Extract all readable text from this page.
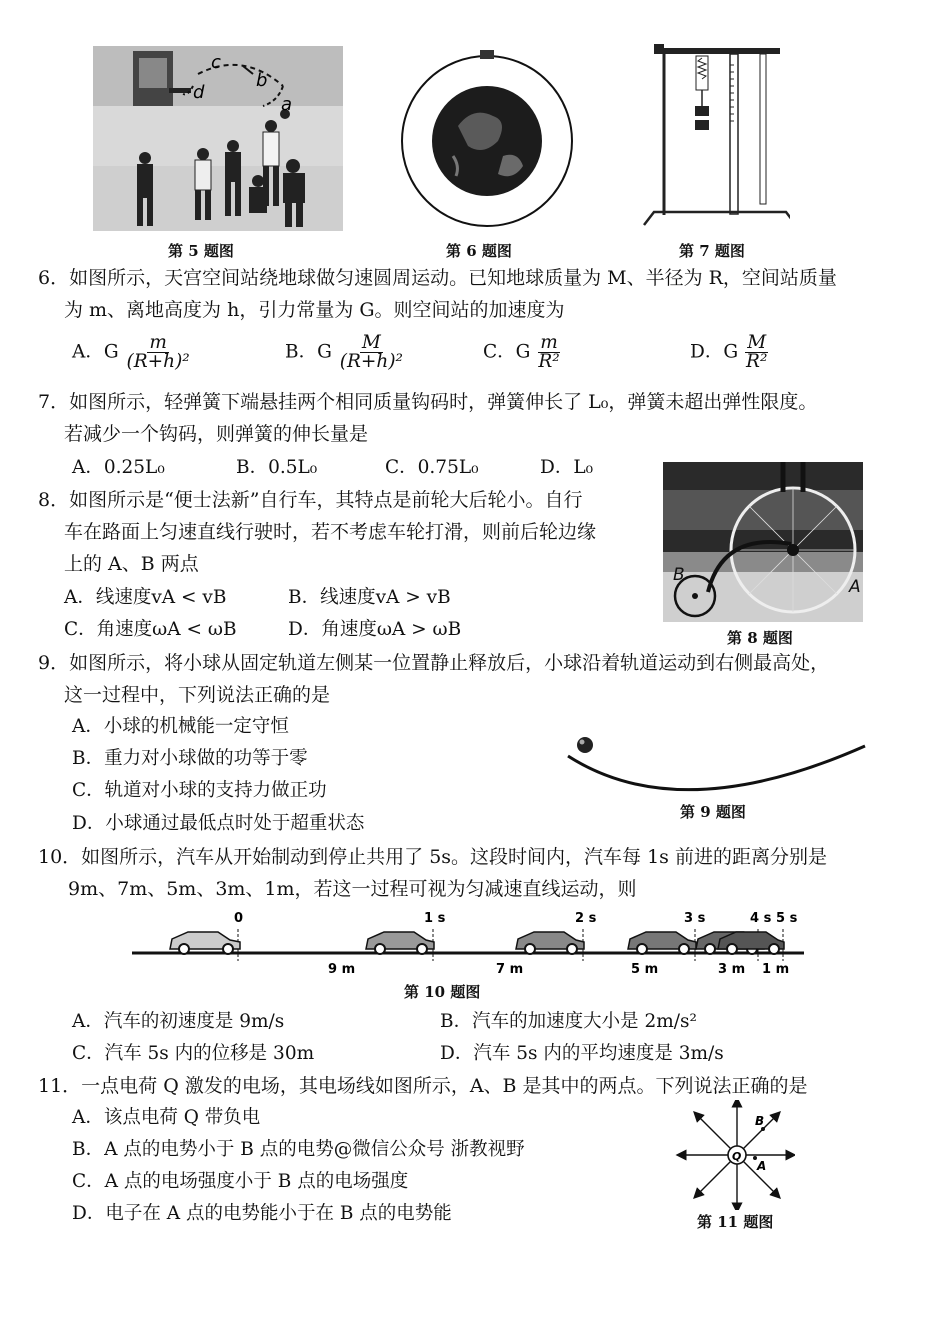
c
b
d
a
第 5 题图	第 6 题图	第 7 题图
6．如图所示，天宫空间站绕地球做匀速圆周运动。已知地球质量为 M、半径为 R，空间站质量
为 m、离地高度为 h，引力常量为 G。则空间站的加速度为
A．G $\frac{m}{\text{(R+h)²}}$	B．G $\frac{M}{\text{(R+h)²}}$	C．G $\frac{m}{\text{R²}}$	D．G $\frac{M}{\text{R²}}$
7．如图所示，轻弹簧下端悬挂两个相同质量钩码时，弹簧伸长了 L₀，弹簧未超出弹性限度。
若减少一个钩码，则弹簧的伸长量是
A．0.25L₀	B．0.5L₀	C．0.75L₀	D．L₀
B
A
第 8 题图
8．如图所示是“便士法新”自行车，其特点是前轮大后轮小。自行
车在路面上匀速直线行驶时，若不考虑车轮打滑，则前后轮边缘
上的 A、B 两点
A．线速度vA < vB	B．线速度vA > vB
C．角速度ωA < ωB	D．角速度ωA > ωB
9．如图所示，将小球从固定轨道左侧某一位置静止释放后，小球沿着轨道运动到右侧最高处，
这一过程中，下列说法正确的是
A．小球的机械能一定守恒
B．重力对小球做的功等于零
C．轨道对小球的支持力做正功
D．小球通过最低点时处于超重状态
第 9 题图
10．如图所示，汽车从开始制动到停止共用了 5s。这段时间内，汽车每 1s 前进的距离分别是
9m、7m、5m、3m、1m，若这一过程可视为匀减速直线运动，则
0	1 s	2 s	3 s	4 s 5 s
9 m	7 m	5 m	3 m 1 m
第 10 题图
A．汽车的初速度是 9m/s	B．汽车的加速度大小是 2m/s²
C．汽车 5s 内的位移是 30m	D．汽车 5s 内的平均速度是 3m/s
11．一点电荷 Q 激发的电场，其电场线如图所示，A、B 是其中的两点。下列说法正确的是
A．该点电荷 Q 带负电
B．A 点的电势小于 B 点的电势@微信公众号 浙教视野
C．A 点的电场强度小于 B 点的电场强度
D．电子在 A 点的电势能小于在 B 点的电势能
B
Q
A
第 11 题图
